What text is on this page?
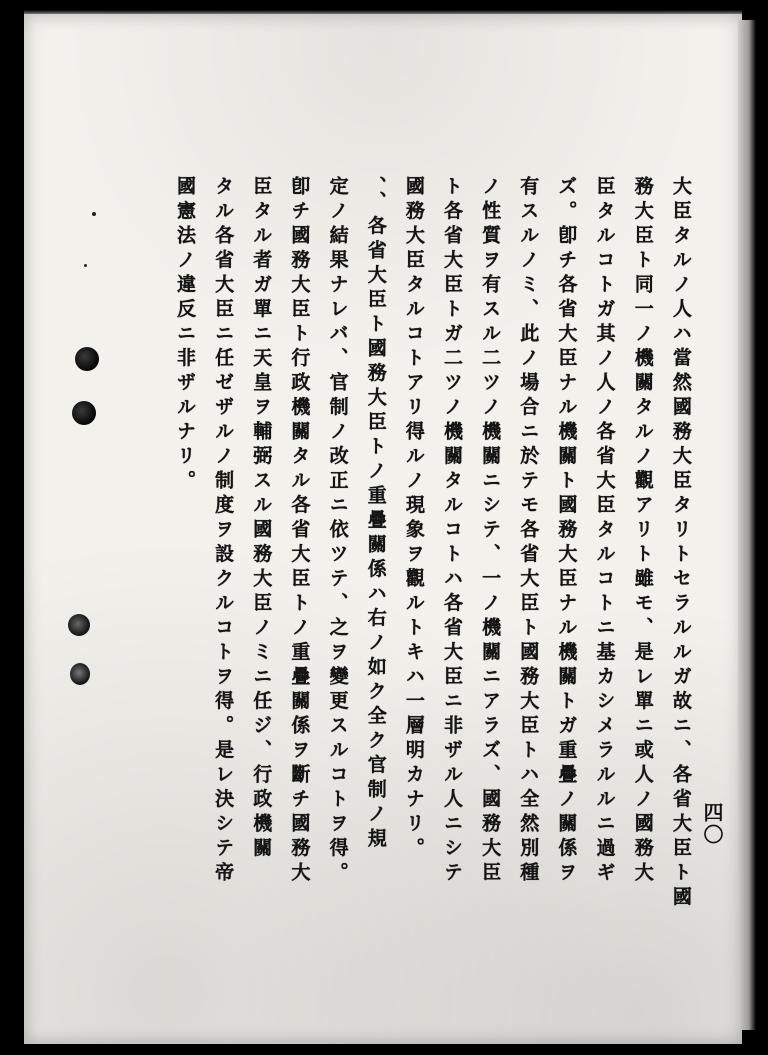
四〇
大臣タルノ人ハ當然國務大臣タリトセラルルガ故ニ、各省大臣ト國
務大臣ト同一ノ機關タルノ觀アリト雖モ、是レ單ニ或人ノ國務大
臣タルコトガ其ノ人ノ各省大臣タルコトニ基カシメラルルニ過ギ
ズ。卽チ各省大臣ナル機關ト國務大臣ナル機關トガ重疊ノ關係ヲ
有スルノミ、此ノ場合ニ於テモ各省大臣ト國務大臣トハ全然別種
ノ性質ヲ有スル二ツノ機關ニシテ、一ノ機關ニアラズ、國務大臣
ト各省大臣トガ二ツノ機關タルコトハ各省大臣ニ非ザル人ニシテ
國務大臣タルコトアリ得ルノ現象ヲ觀ルトキハ一層明カナリ。
、、各省大臣ト國務大臣トノ重疊關係ハ右ノ如ク全ク官制ノ規
定ノ結果ナレバ、官制ノ改正ニ依ツテ、之ヲ變更スルコトヲ得。
卽チ國務大臣ト行政機關タル各省大臣トノ重疊關係ヲ斷チ國務大
臣タル者ガ單ニ天皇ヲ輔弼スル國務大臣ノミニ任ジ、行政機關
タル各省大臣ニ任ゼザルノ制度ヲ設クルコトヲ得。是レ決シテ帝
國憲法ノ違反ニ非ザルナリ。
